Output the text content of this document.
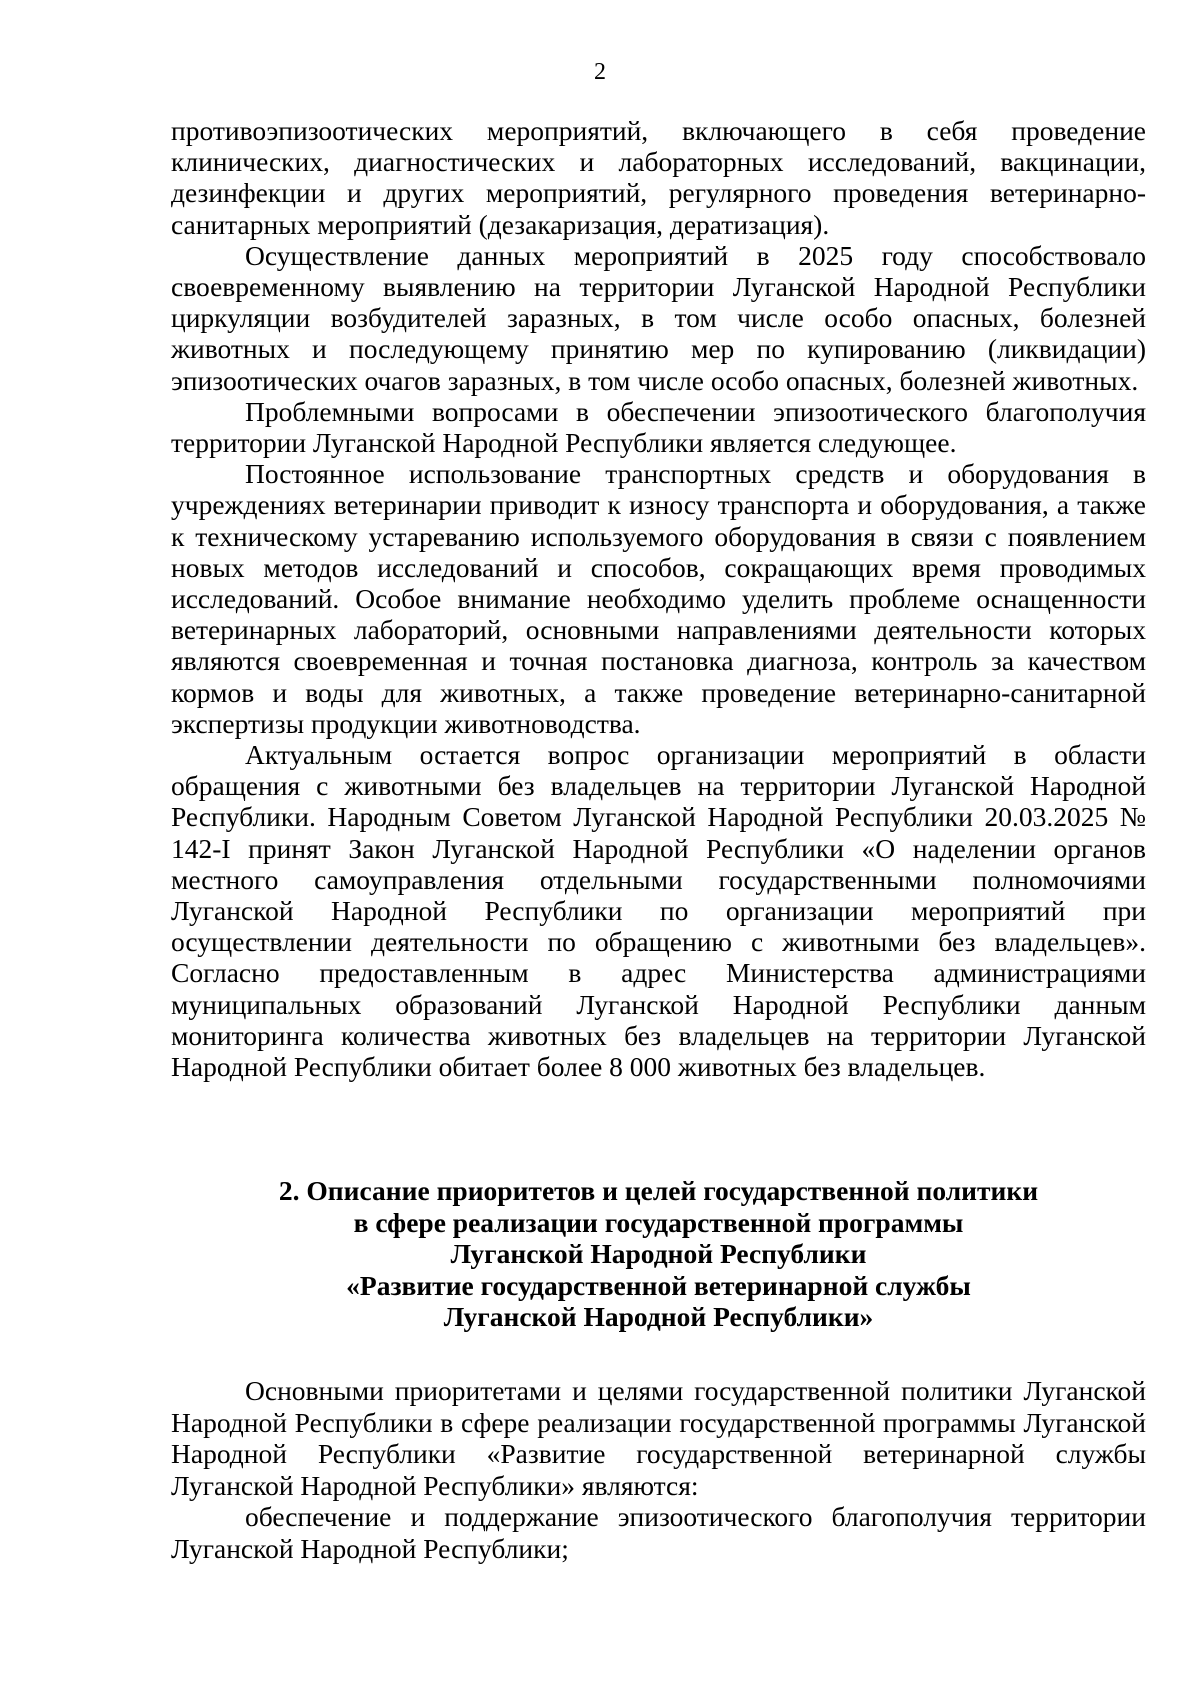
2

противоэпизоотических мероприятий, включающего в себя проведение клинических, диагностических и лабораторных исследований, вакцинации, дезинфекции и других мероприятий, регулярного проведения ветеринарно-санитарных мероприятий (дезакаризация, дератизация).

Осуществление данных мероприятий в 2025 году способствовало своевременному выявлению на территории Луганской Народной Республики циркуляции возбудителей заразных, в том числе особо опасных, болезней животных и последующему принятию мер по купированию (ликвидации) эпизоотических очагов заразных, в том числе особо опасных, болезней животных.

Проблемными вопросами в обеспечении эпизоотического благополучия территории Луганской Народной Республики является следующее.

Постоянное использование транспортных средств и оборудования в учреждениях ветеринарии приводит к износу транспорта и оборудования, а также к техническому устареванию используемого оборудования в связи с появлением новых методов исследований и способов, сокращающих время проводимых исследований. Особое внимание необходимо уделить проблеме оснащенности ветеринарных лабораторий, основными направлениями деятельности которых являются своевременная и точная постановка диагноза, контроль за качеством кормов и воды для животных, а также проведение ветеринарно-санитарной экспертизы продукции животноводства.

Актуальным остается вопрос организации мероприятий в области обращения с животными без владельцев на территории Луганской Народной Республики. Народным Советом Луганской Народной Республики 20.03.2025 № 142-I принят Закон Луганской Народной Республики «О наделении органов местного самоуправления отдельными государственными полномочиями Луганской Народной Республики по организации мероприятий при осуществлении деятельности по обращению с животными без владельцев». Согласно предоставленным в адрес Министерства администрациями муниципальных образований Луганской Народной Республики данным мониторинга количества животных без владельцев на территории Луганской Народной Республики обитает более 8 000 животных без владельцев.

2. Описание приоритетов и целей государственной политики
в сфере реализации государственной программы
Луганской Народной Республики
«Развитие государственной ветеринарной службы
Луганской Народной Республики»

Основными приоритетами и целями государственной политики Луганской Народной Республики в сфере реализации государственной программы Луганской Народной Республики «Развитие государственной ветеринарной службы Луганской Народной Республики» являются:

обеспечение и поддержание эпизоотического благополучия территории Луганской Народной Республики;
